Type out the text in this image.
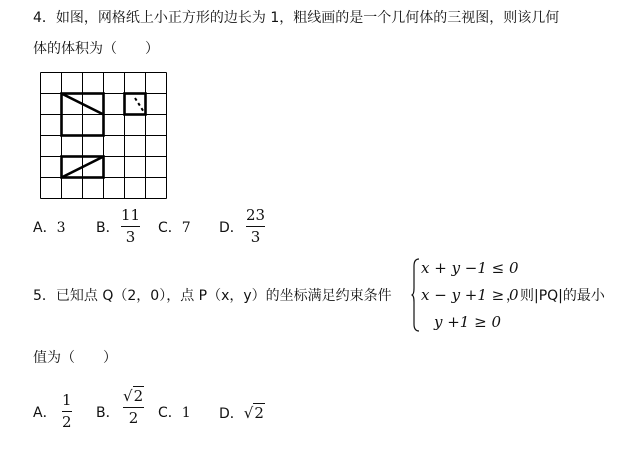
4．如图，网格纸上小正方形的边长为 1，粗线画的是一个几何体的三视图，则该几何
体的体积为（　　）
A．3 B．
11
3 C．7 D．
23
3
5．已知点 Q（2，0），点 P（x，y）的坐标满足约束条件
x + y −1 ≤ 0
x − y +1 ≥ 0
y +1 ≥ 0
，则|PQ|的最小
值为（　　）
A．
1
2 B．
√2
2 C．1 D．√2
